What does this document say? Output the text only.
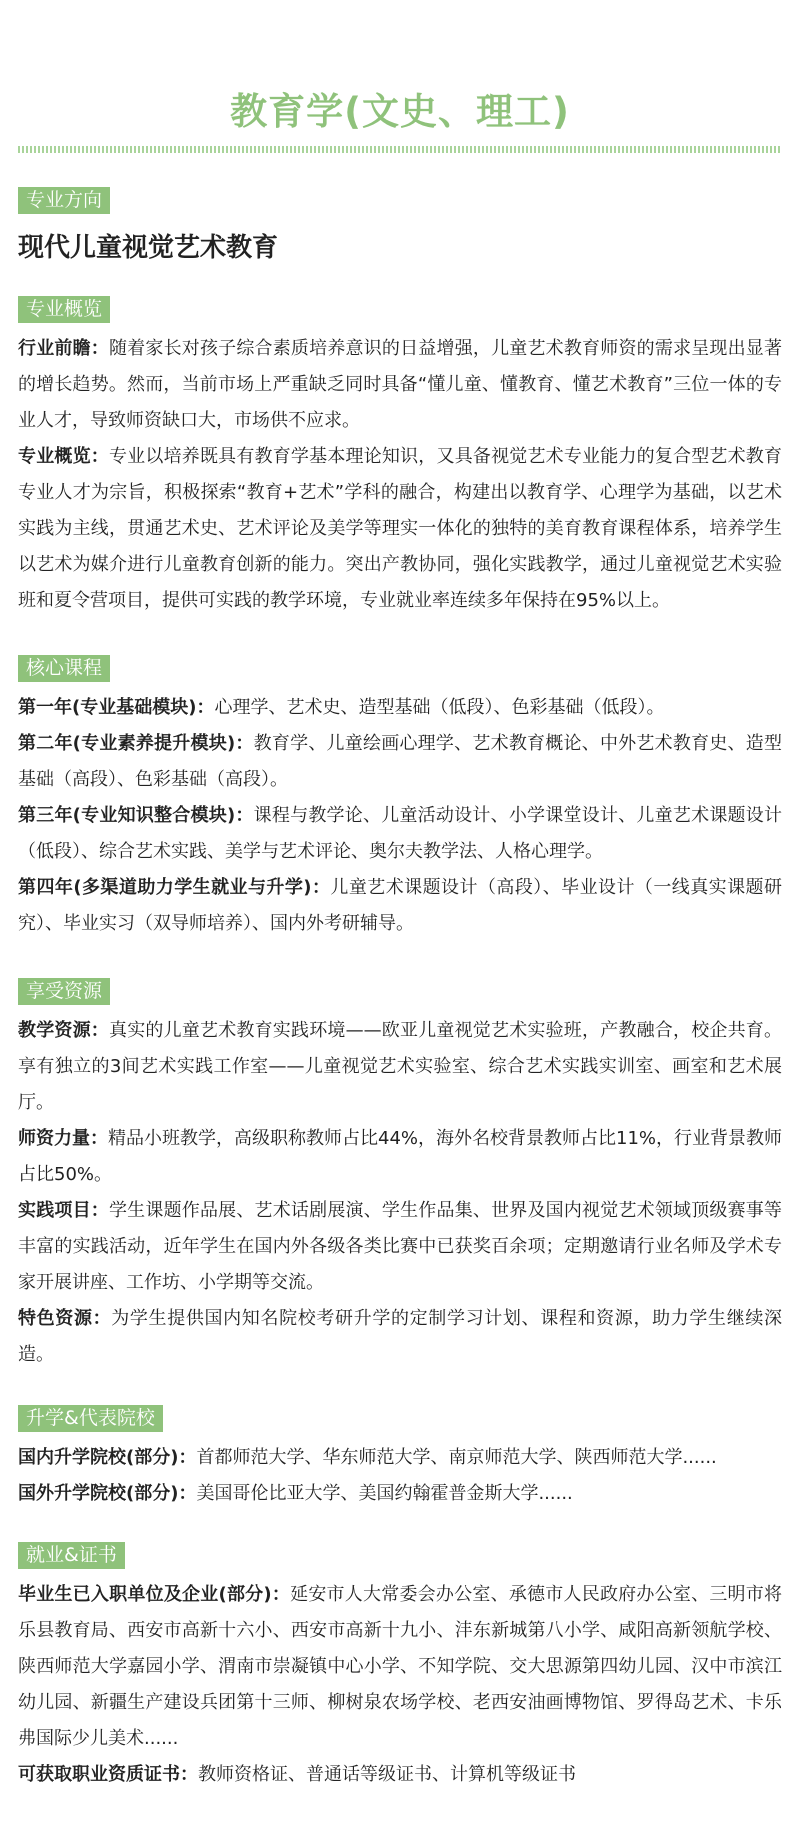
教育学(文史、理工)
专业方向
现代儿童视觉艺术教育
专业概览

行业前瞻：随着家长对孩子综合素质培养意识的日益增强，儿童艺术教育师资的需求呈现出显著的增长趋势。然而，当前市场上严重缺乏同时具备“懂儿童、懂教育、懂艺术教育”三位一体的专业人才，导致师资缺口大，市场供不应求。

专业概览：专业以培养既具有教育学基本理论知识，又具备视觉艺术专业能力的复合型艺术教育专业人才为宗旨，积极探索“教育+艺术”学科的融合，构建出以教育学、心理学为基础，以艺术实践为主线，贯通艺术史、艺术评论及美学等理实一体化的独特的美育教育课程体系，培养学生以艺术为媒介进行儿童教育创新的能力。突出产教协同，强化实践教学，通过儿童视觉艺术实验班和夏令营项目，提供可实践的教学环境，专业就业率连续多年保持在95%以上。

核心课程

第一年(专业基础模块)：心理学、艺术史、造型基础（低段）、色彩基础（低段）。

第二年(专业素养提升模块)：教育学、儿童绘画心理学、艺术教育概论、中外艺术教育史、造型基础（高段）、色彩基础（高段）。

第三年(专业知识整合模块)：课程与教学论、儿童活动设计、小学课堂设计、儿童艺术课题设计（低段）、综合艺术实践、美学与艺术评论、奥尔夫教学法、人格心理学。

第四年(多渠道助力学生就业与升学)：儿童艺术课题设计（高段）、毕业设计（一线真实课题研究）、毕业实习（双导师培养）、国内外考研辅导。

享受资源

教学资源：真实的儿童艺术教育实践环境——欧亚儿童视觉艺术实验班，产教融合，校企共育。享有独立的3间艺术实践工作室——儿童视觉艺术实验室、综合艺术实践实训室、画室和艺术展厅。

师资力量：精品小班教学，高级职称教师占比44%，海外名校背景教师占比11%，行业背景教师占比50%。

实践项目：学生课题作品展、艺术话剧展演、学生作品集、世界及国内视觉艺术领域顶级赛事等丰富的实践活动，近年学生在国内外各级各类比赛中已获奖百余项；定期邀请行业名师及学术专家开展讲座、工作坊、小学期等交流。

特色资源：为学生提供国内知名院校考研升学的定制学习计划、课程和资源，助力学生继续深造。

升学&代表院校

国内升学院校(部分)：首都师范大学、华东师范大学、南京师范大学、陕西师范大学......

国外升学院校(部分)：美国哥伦比亚大学、美国约翰霍普金斯大学......

就业&证书

毕业生已入职单位及企业(部分)：延安市人大常委会办公室、承德市人民政府办公室、三明市将乐县教育局、西安市高新十六小、西安市高新十九小、沣东新城第八小学、咸阳高新领航学校、陕西师范大学嘉园小学、渭南市崇凝镇中心小学、不知学院、交大思源第四幼儿园、汉中市滨江幼儿园、新疆生产建设兵团第十三师、柳树泉农场学校、老西安油画博物馆、罗得岛艺术、卡乐弗国际少儿美术......

可获取职业资质证书：教师资格证、普通话等级证书、计算机等级证书
